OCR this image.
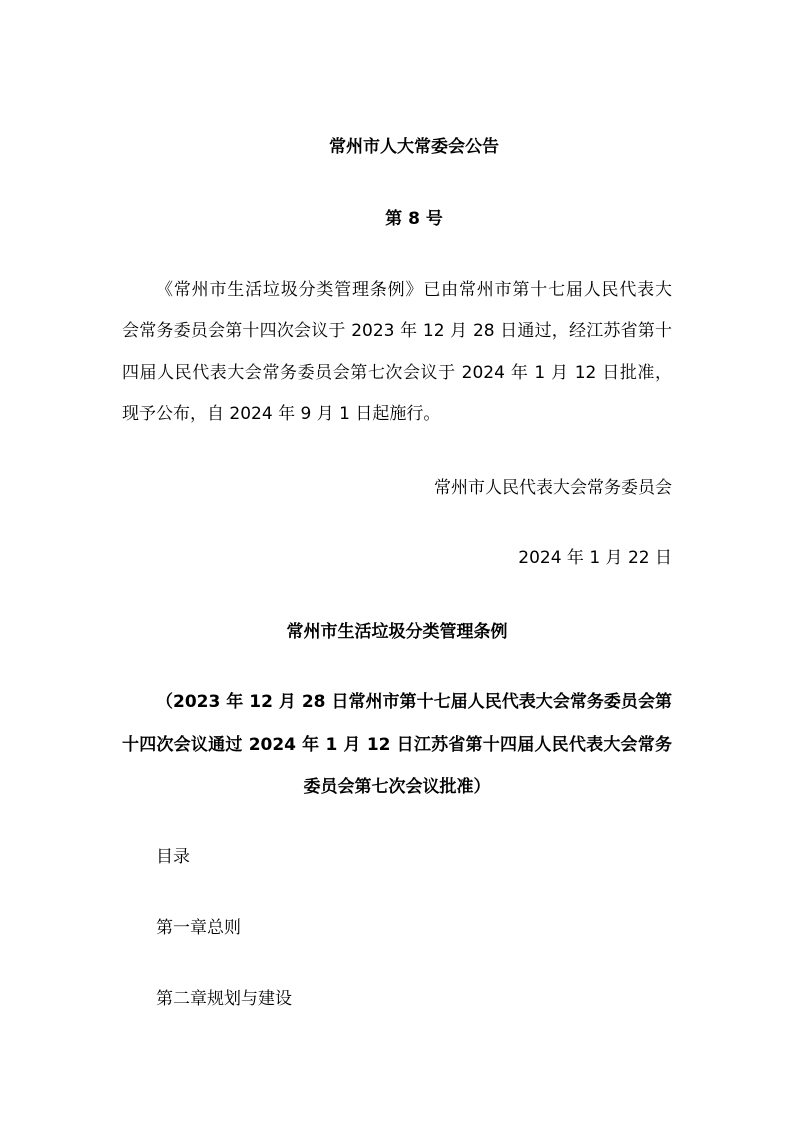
常州市人大常委会公告
第 8 号
《常州市生活垃圾分类管理条例》已由常州市第十七届人民代表大
会常务委员会第十四次会议于 2023 年 12 月 28 日通过，经江苏省第十
四届人民代表大会常务委员会第七次会议于 2024 年 1 月 12 日批准，
现予公布，自 2024 年 9 月 1 日起施行。
常州市人民代表大会常务委员会
2024 年 1 月 22 日
常州市生活垃圾分类管理条例
（2023 年 12 月 28 日常州市第十七届人民代表大会常务委员会第
十四次会议通过 2024 年 1 月 12 日江苏省第十四届人民代表大会常务
委员会第七次会议批准）
目录
第一章总则
第二章规划与建设
